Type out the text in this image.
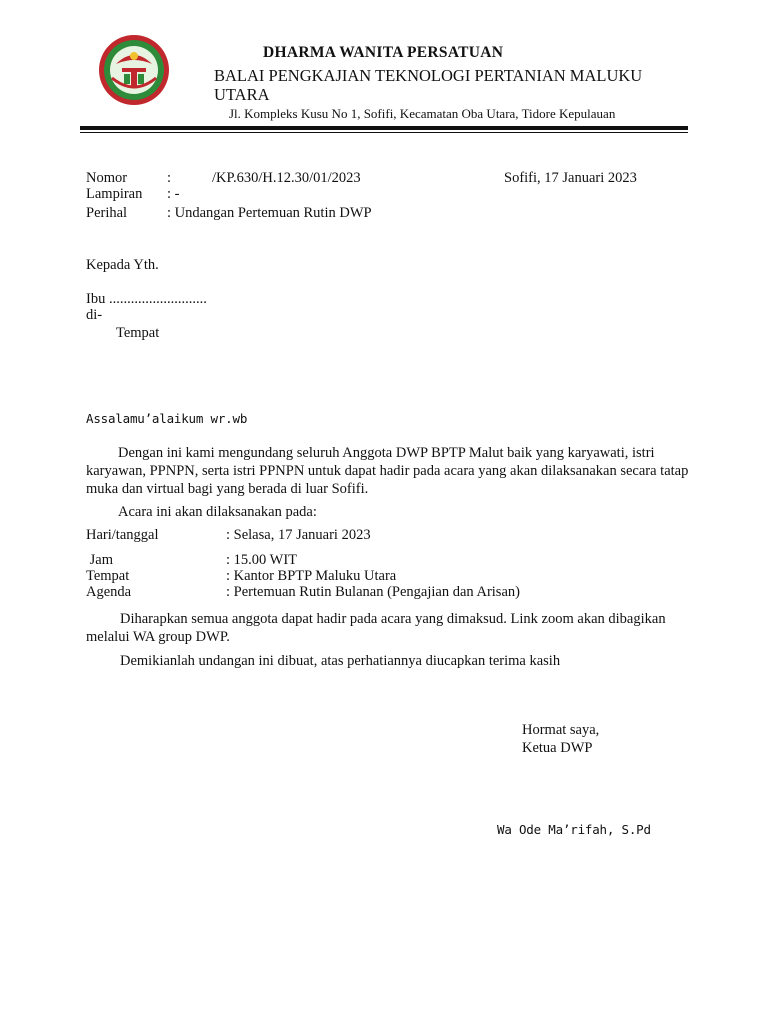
DHARMA WANITA PERSATUAN
BALAI PENGKAJIAN TEKNOLOGI PERTANIAN MALUKU UTARA
Jl. Kompleks Kusu No 1, Sofifi, Kecamatan Oba Utara, Tidore Kepulauan
Nomor	:	/KP.630/H.12.30/01/2023	Sofifi, 17 Januari 2023
Lampiran : -
Perihal	: Undangan Pertemuan Rutin DWP
Kepada Yth.
Ibu ...........................
di-
Tempat
Assalamu’alaikum wr.wb
Dengan ini kami mengundang seluruh Anggota DWP BPTP Malut baik yang karyawati, istri karyawan, PPNPN, serta istri PPNPN untuk dapat hadir pada acara yang akan dilaksanakan secara tatap muka dan virtual bagi yang berada di luar Sofifi.
Acara ini akan dilaksanakan pada:
Hari/tanggal	: Selasa, 17 Januari 2023
Jam	: 15.00 WIT
Tempat	: Kantor BPTP Maluku Utara
Agenda	: Pertemuan Rutin Bulanan (Pengajian dan Arisan)
Diharapkan semua anggota dapat hadir pada acara yang dimaksud. Link zoom akan dibagikan melalui WA group DWP.
Demikianlah undangan ini dibuat, atas perhatiannya diucapkan terima kasih
Hormat saya,
Ketua DWP
Wa Ode Ma’rifah, S.Pd
